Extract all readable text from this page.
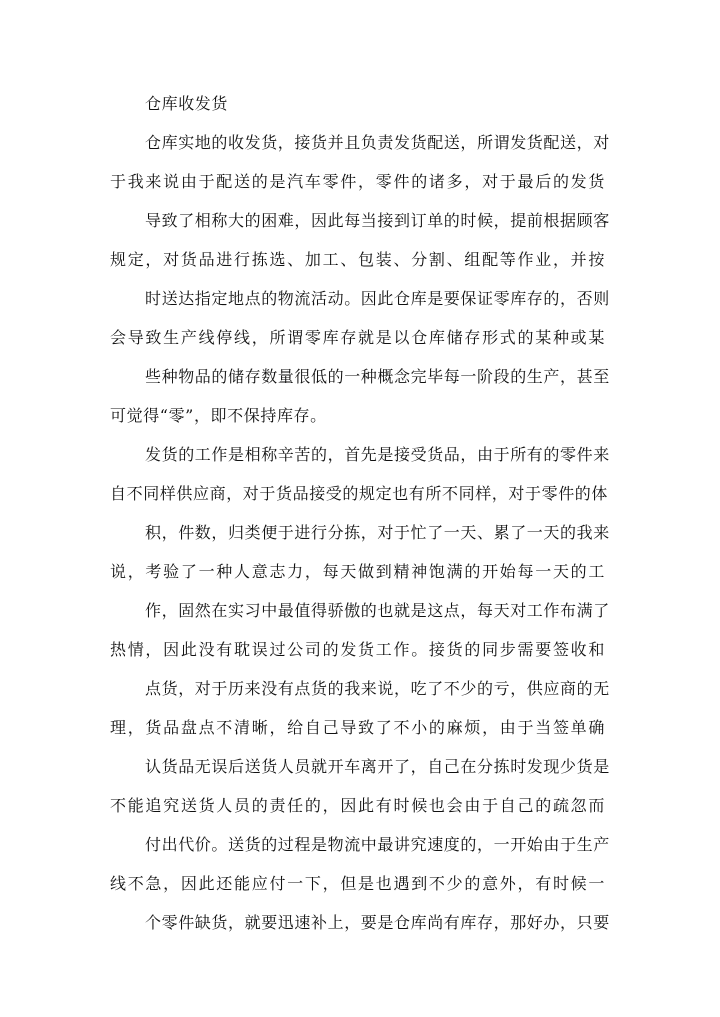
仓库收发货
仓库实地的收发货，接货并且负责发货配送，所谓发货配送，对
于我来说由于配送的是汽车零件，零件的诸多，对于最后的发货
导致了相称大的困难，因此每当接到订单的时候，提前根据顾客
规定，对货品进行拣选、加工、包装、分割、组配等作业，并按
时送达指定地点的物流活动。因此仓库是要保证零库存的，否则
会导致生产线停线，所谓零库存就是以仓库储存形式的某种或某
些种物品的储存数量很低的一种概念完毕每一阶段的生产，甚至
可觉得“零”，即不保持库存。
发货的工作是相称辛苦的，首先是接受货品，由于所有的零件来
自不同样供应商，对于货品接受的规定也有所不同样，对于零件的体
积，件数，归类便于进行分拣，对于忙了一天、累了一天的我来
说，考验了一种人意志力，每天做到精神饱满的开始每一天的工
作，固然在实习中最值得骄傲的也就是这点，每天对工作布满了
热情，因此没有耽误过公司的发货工作。接货的同步需要签收和
点货，对于历来没有点货的我来说，吃了不少的亏，供应商的无
理，货品盘点不清晰，给自己导致了不小的麻烦，由于当签单确
认货品无误后送货人员就开车离开了，自己在分拣时发现少货是
不能追究送货人员的责任的，因此有时候也会由于自己的疏忽而
付出代价。送货的过程是物流中最讲究速度的，一开始由于生产
线不急，因此还能应付一下，但是也遇到不少的意外，有时候一
个零件缺货，就要迅速补上，要是仓库尚有库存，那好办，只要
